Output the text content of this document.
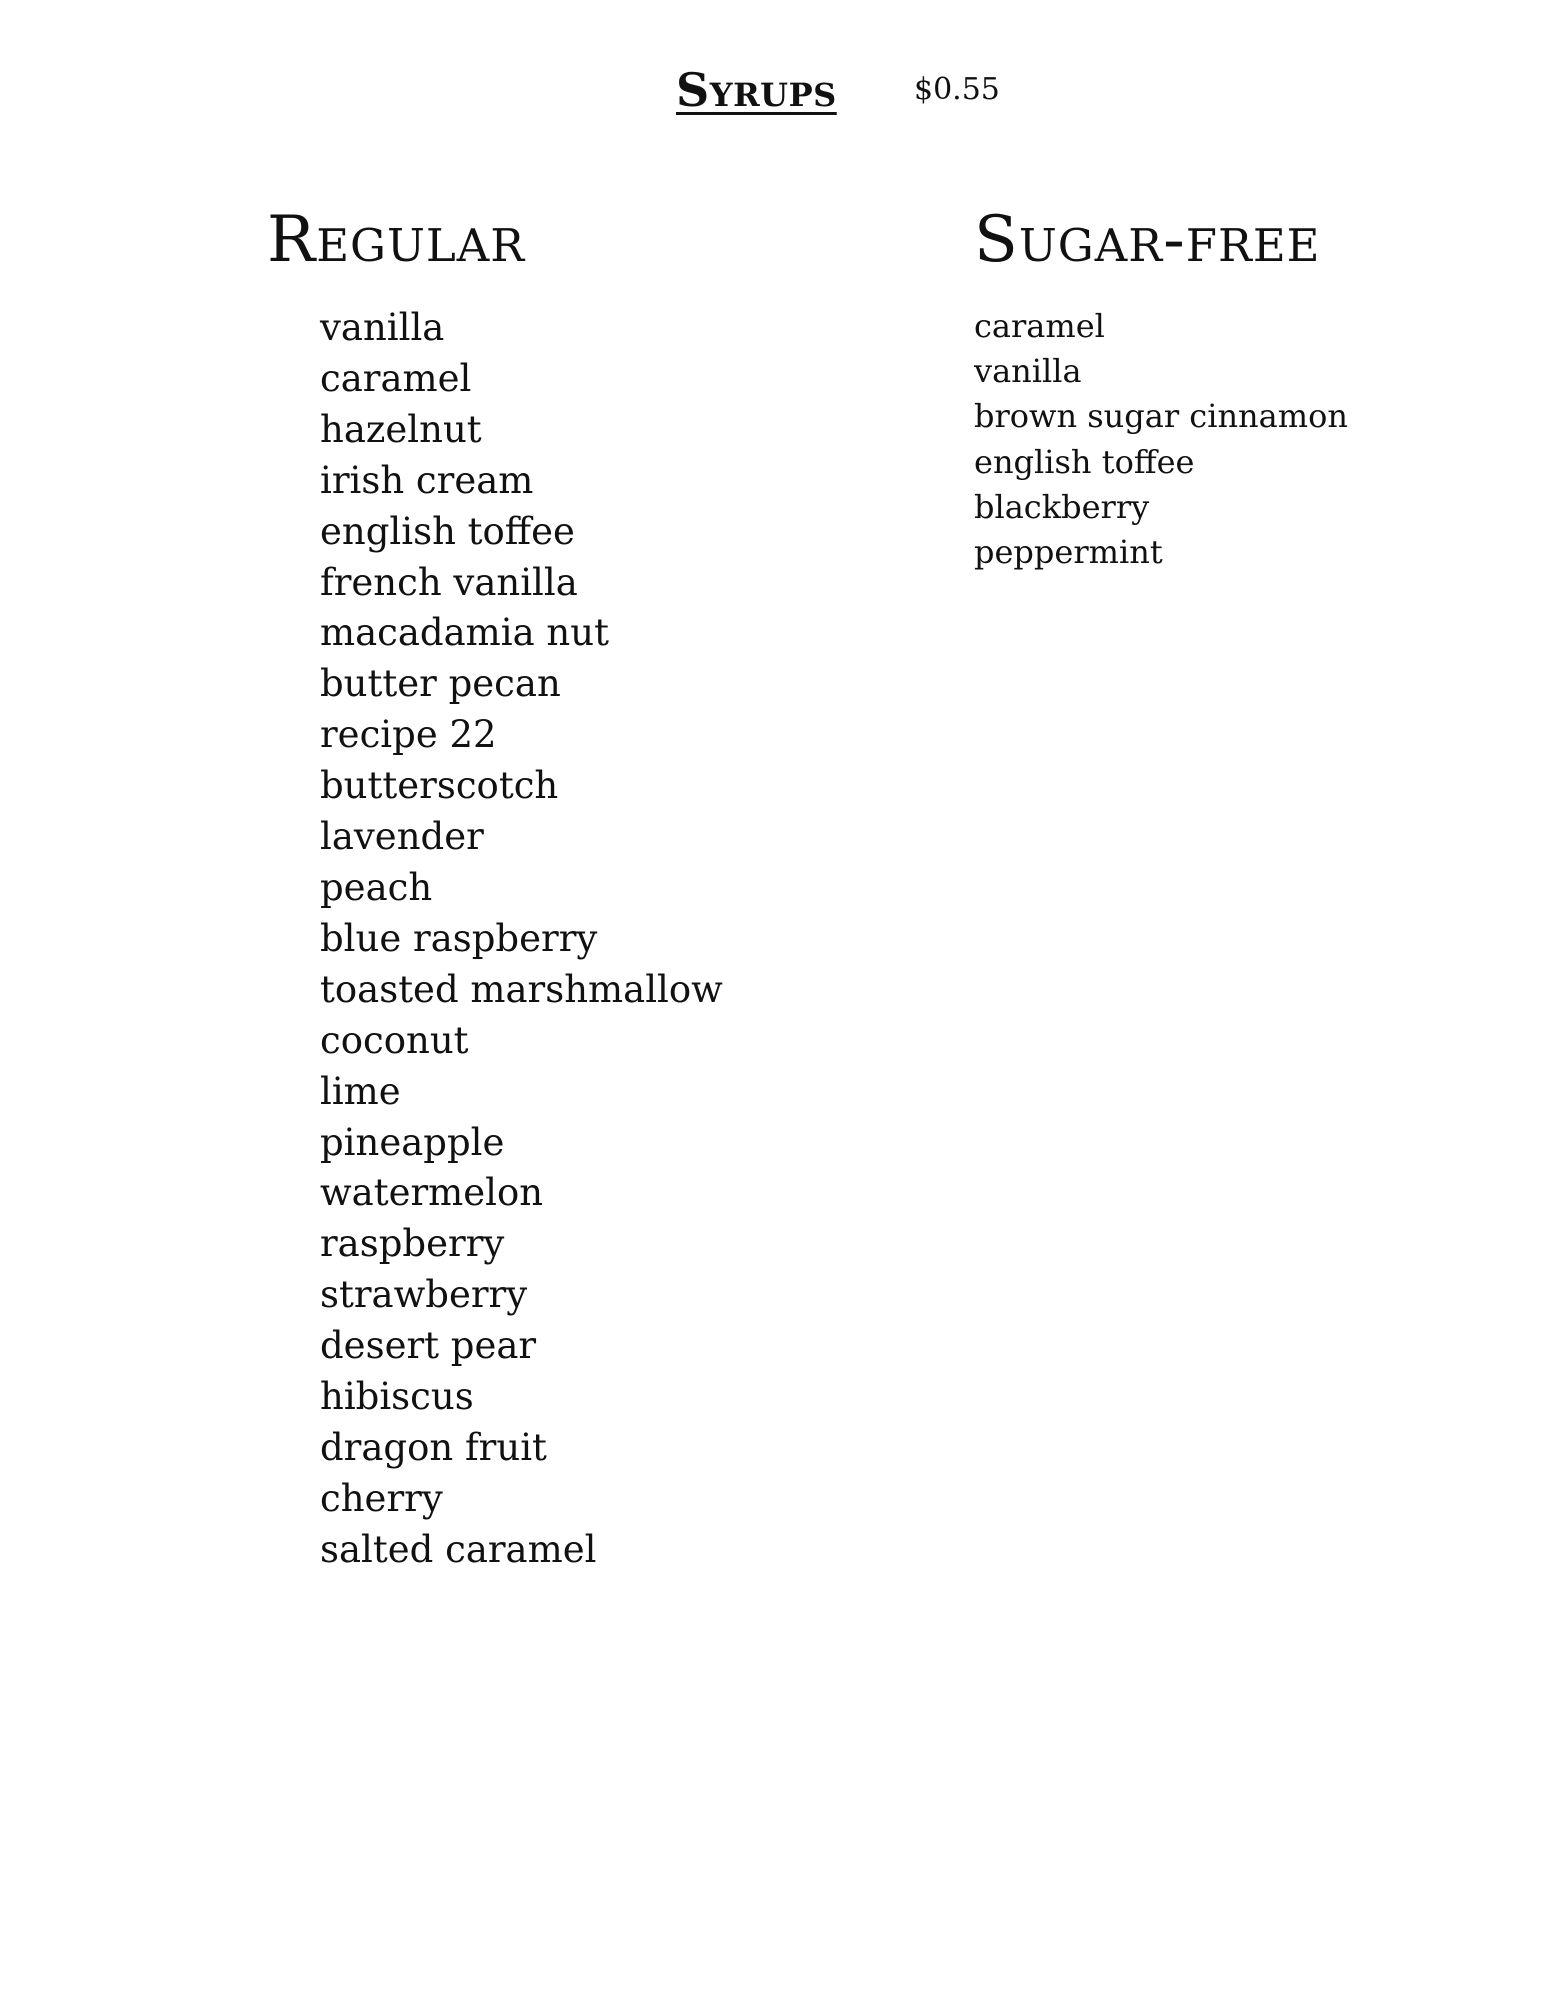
Syrups	$0.55
Regular
vanilla
caramel
hazelnut
irish cream
english toffee
french vanilla
macadamia nut
butter pecan
recipe 22
butterscotch
lavender
peach
blue raspberry
toasted marshmallow
coconut
lime
pineapple
watermelon
raspberry
strawberry
desert pear
hibiscus
dragon fruit
cherry
salted caramel
Sugar-free
caramel
vanilla
brown sugar cinnamon
english toffee
blackberry
peppermint
